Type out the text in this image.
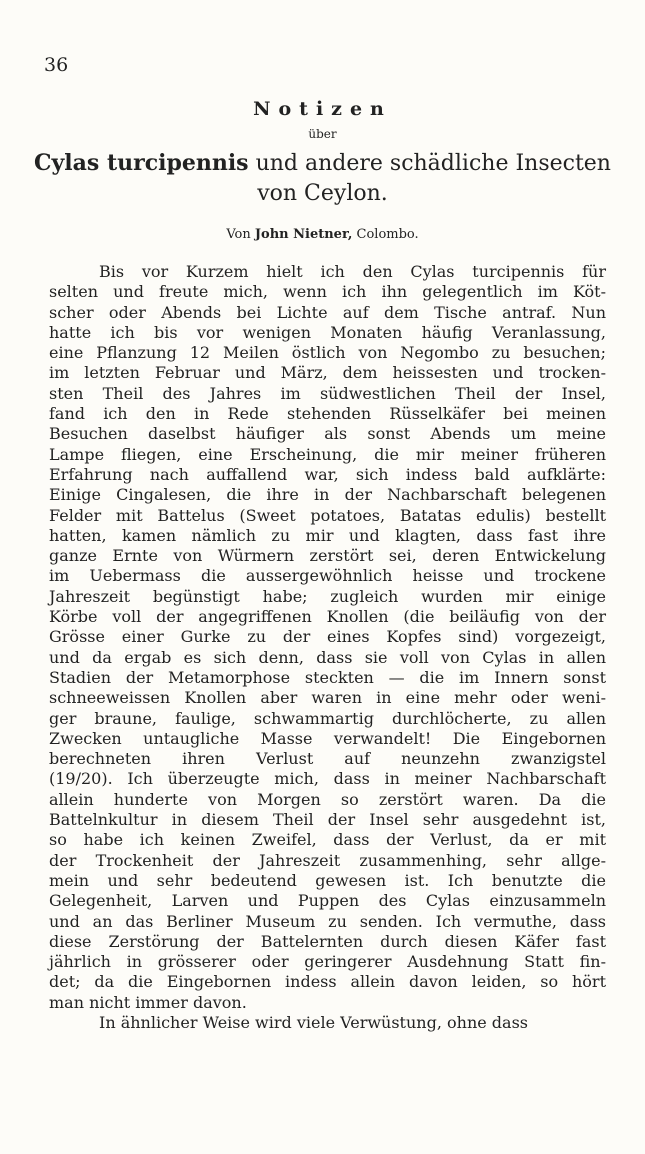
36
Notizen
über
Cylas turcipennis und andere schädliche Insecten
von Ceylon.
Von John Nietner, Colombo.
Bis vor Kurzem hielt ich den Cylas turcipennis für
selten und freute mich, wenn ich ihn gelegentlich im Köt-
scher oder Abends bei Lichte auf dem Tische antraf. Nun
hatte ich bis vor wenigen Monaten häufig Veranlassung,
eine Pflanzung 12 Meilen östlich von Negombo zu besuchen;
im letzten Februar und März, dem heissesten und trocken-
sten Theil des Jahres im südwestlichen Theil der Insel,
fand ich den in Rede stehenden Rüsselkäfer bei meinen
Besuchen daselbst häufiger als sonst Abends um meine
Lampe fliegen, eine Erscheinung, die mir meiner früheren
Erfahrung nach auffallend war, sich indess bald aufklärte:
Einige Cingalesen, die ihre in der Nachbarschaft belegenen
Felder mit Battelus (Sweet potatoes, Batatas edulis) bestellt
hatten, kamen nämlich zu mir und klagten, dass fast ihre
ganze Ernte von Würmern zerstört sei, deren Entwickelung
im Uebermass die aussergewöhnlich heisse und trockene
Jahreszeit begünstigt habe; zugleich wurden mir einige
Körbe voll der angegriffenen Knollen (die beiläufig von der
Grösse einer Gurke zu der eines Kopfes sind) vorgezeigt,
und da ergab es sich denn, dass sie voll von Cylas in allen
Stadien der Metamorphose steckten — die im Innern sonst
schneeweissen Knollen aber waren in eine mehr oder weni-
ger braune, faulige, schwammartig durchlöcherte, zu allen
Zwecken untaugliche Masse verwandelt! Die Eingebornen
berechneten ihren Verlust auf neunzehn zwanzigstel
(19/20). Ich überzeugte mich, dass in meiner Nachbarschaft
allein hunderte von Morgen so zerstört waren. Da die
Battelnkultur in diesem Theil der Insel sehr ausgedehnt ist,
so habe ich keinen Zweifel, dass der Verlust, da er mit
der Trockenheit der Jahreszeit zusammenhing, sehr allge-
mein und sehr bedeutend gewesen ist. Ich benutzte die
Gelegenheit, Larven und Puppen des Cylas einzusammeln
und an das Berliner Museum zu senden. Ich vermuthe, dass
diese Zerstörung der Battelernten durch diesen Käfer fast
jährlich in grösserer oder geringerer Ausdehnung Statt fin-
det; da die Eingebornen indess allein davon leiden, so hört
man nicht immer davon.
In ähnlicher Weise wird viele Verwüstung, ohne dass
